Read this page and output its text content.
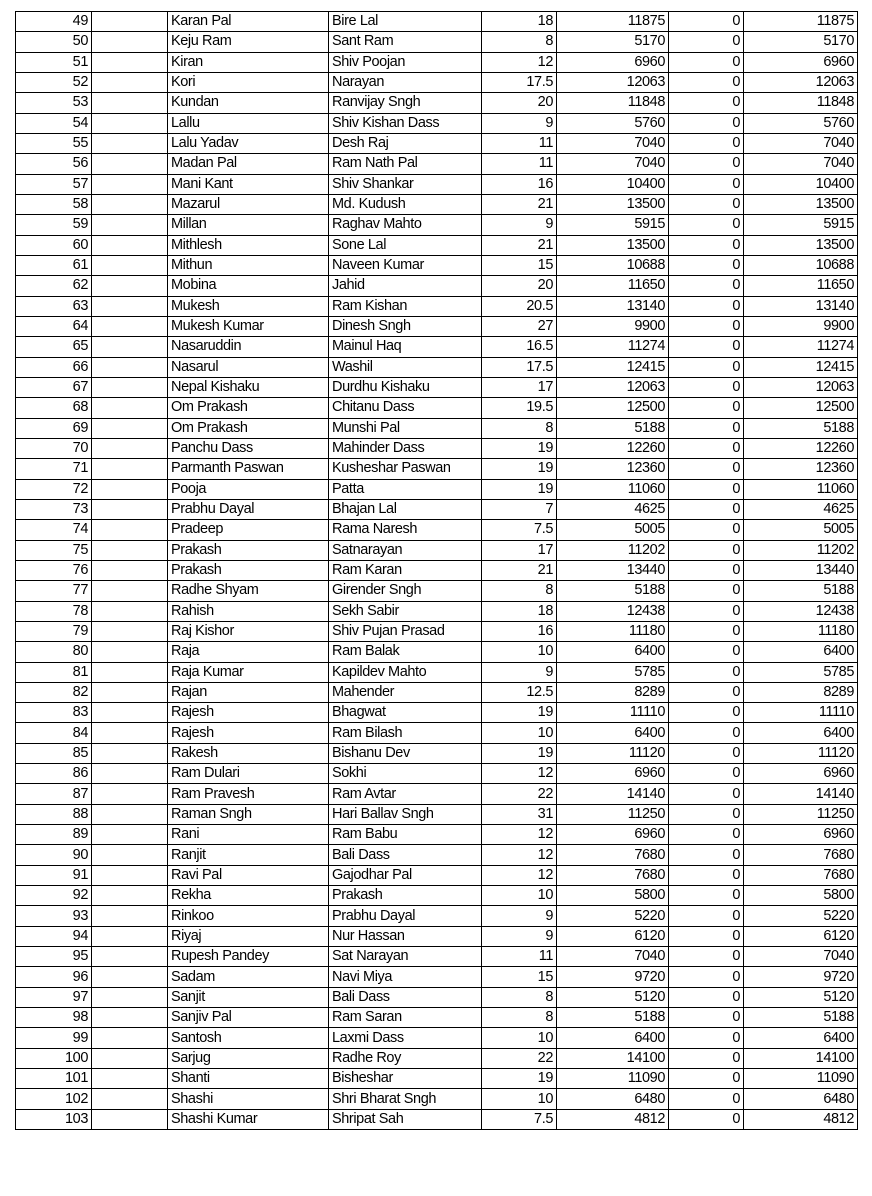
49		Karan Pal	Bire Lal	18	11875	0	11875
50		Keju Ram	Sant Ram	8	5170	0	5170
51		Kiran	Shiv Poojan	12	6960	0	6960
52		Kori	Narayan	17.5	12063	0	12063
53		Kundan	Ranvijay Sngh	20	11848	0	11848
54		Lallu	Shiv Kishan Dass	9	5760	0	5760
55		Lalu Yadav	Desh Raj	11	7040	0	7040
56		Madan Pal	Ram Nath Pal	11	7040	0	7040
57		Mani Kant	Shiv Shankar	16	10400	0	10400
58		Mazarul	Md. Kudush	21	13500	0	13500
59		Millan	Raghav Mahto	9	5915	0	5915
60		Mithlesh	Sone Lal	21	13500	0	13500
61		Mithun	Naveen Kumar	15	10688	0	10688
62		Mobina	Jahid	20	11650	0	11650
63		Mukesh	Ram Kishan	20.5	13140	0	13140
64		Mukesh Kumar	Dinesh Sngh	27	9900	0	9900
65		Nasaruddin	Mainul Haq	16.5	11274	0	11274
66		Nasarul	Washil	17.5	12415	0	12415
67		Nepal Kishaku	Durdhu Kishaku	17	12063	0	12063
68		Om Prakash	Chitanu Dass	19.5	12500	0	12500
69		Om Prakash	Munshi Pal	8	5188	0	5188
70		Panchu Dass	Mahinder Dass	19	12260	0	12260
71		Parmanth Paswan	Kusheshar Paswan	19	12360	0	12360
72		Pooja	Patta	19	11060	0	11060
73		Prabhu Dayal	Bhajan Lal	7	4625	0	4625
74		Pradeep	Rama Naresh	7.5	5005	0	5005
75		Prakash	Satnarayan	17	11202	0	11202
76		Prakash	Ram Karan	21	13440	0	13440
77		Radhe Shyam	Girender Sngh	8	5188	0	5188
78		Rahish	Sekh Sabir	18	12438	0	12438
79		Raj Kishor	Shiv Pujan Prasad	16	11180	0	11180
80		Raja	Ram Balak	10	6400	0	6400
81		Raja Kumar	Kapildev Mahto	9	5785	0	5785
82		Rajan	Mahender	12.5	8289	0	8289
83		Rajesh	Bhagwat	19	11110	0	11110
84		Rajesh	Ram Bilash	10	6400	0	6400
85		Rakesh	Bishanu Dev	19	11120	0	11120
86		Ram Dulari	Sokhi	12	6960	0	6960
87		Ram Pravesh	Ram Avtar	22	14140	0	14140
88		Raman Sngh	Hari Ballav Sngh	31	11250	0	11250
89		Rani	Ram Babu	12	6960	0	6960
90		Ranjit	Bali Dass	12	7680	0	7680
91		Ravi Pal	Gajodhar Pal	12	7680	0	7680
92		Rekha	Prakash	10	5800	0	5800
93		Rinkoo	Prabhu Dayal	9	5220	0	5220
94		Riyaj	Nur Hassan	9	6120	0	6120
95		Rupesh Pandey	Sat Narayan	11	7040	0	7040
96		Sadam	Navi Miya	15	9720	0	9720
97		Sanjit	Bali Dass	8	5120	0	5120
98		Sanjiv Pal	Ram Saran	8	5188	0	5188
99		Santosh	Laxmi Dass	10	6400	0	6400
100		Sarjug	Radhe Roy	22	14100	0	14100
101		Shanti	Bisheshar	19	11090	0	11090
102		Shashi	Shri Bharat Sngh	10	6480	0	6480
103		Shashi Kumar	Shripat Sah	7.5	4812	0	4812
